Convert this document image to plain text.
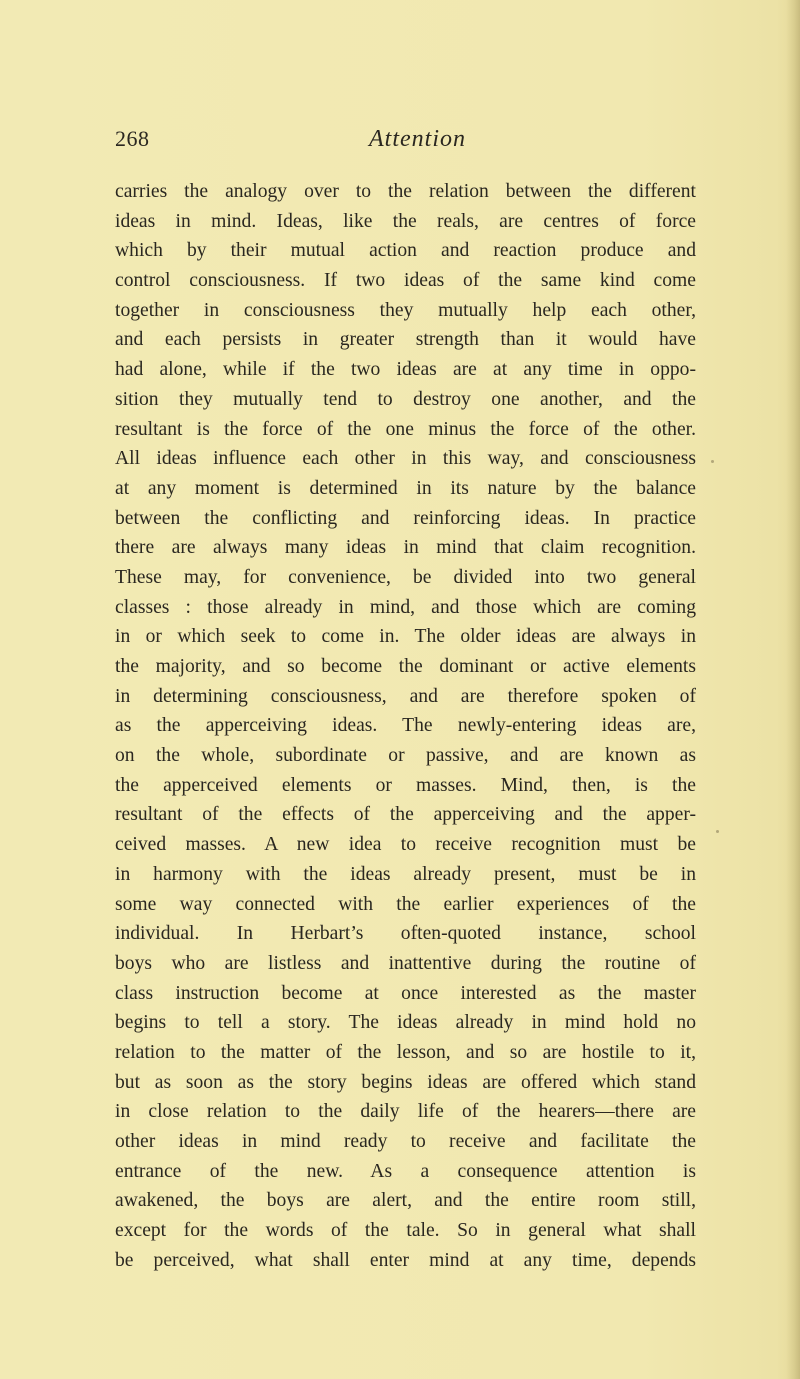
268	Attention
carries the analogy over to the relation between the different
ideas in mind. Ideas, like the reals, are centres of force
which by their mutual action and reaction produce and
control consciousness. If two ideas of the same kind come
together in consciousness they mutually help each other,
and each persists in greater strength than it would have
had alone, while if the two ideas are at any time in oppo-
sition they mutually tend to destroy one another, and the
resultant is the force of the one minus the force of the other.
All ideas influence each other in this way, and consciousness
at any moment is determined in its nature by the balance
between the conflicting and reinforcing ideas. In practice
there are always many ideas in mind that claim recognition.
These may, for convenience, be divided into two general
classes : those already in mind, and those which are coming
in or which seek to come in. The older ideas are always in
the majority, and so become the dominant or active elements
in determining consciousness, and are therefore spoken of
as the apperceiving ideas. The newly-entering ideas are,
on the whole, subordinate or passive, and are known as
the apperceived elements or masses. Mind, then, is the
resultant of the effects of the apperceiving and the apper-
ceived masses. A new idea to receive recognition must be
in harmony with the ideas already present, must be in
some way connected with the earlier experiences of the
individual. In Herbart’s often-quoted instance, school
boys who are listless and inattentive during the routine of
class instruction become at once interested as the master
begins to tell a story. The ideas already in mind hold no
relation to the matter of the lesson, and so are hostile to it,
but as soon as the story begins ideas are offered which stand
in close relation to the daily life of the hearers—there are
other ideas in mind ready to receive and facilitate the
entrance of the new. As a consequence attention is
awakened, the boys are alert, and the entire room still,
except for the words of the tale. So in general what shall
be perceived, what shall enter mind at any time, depends
